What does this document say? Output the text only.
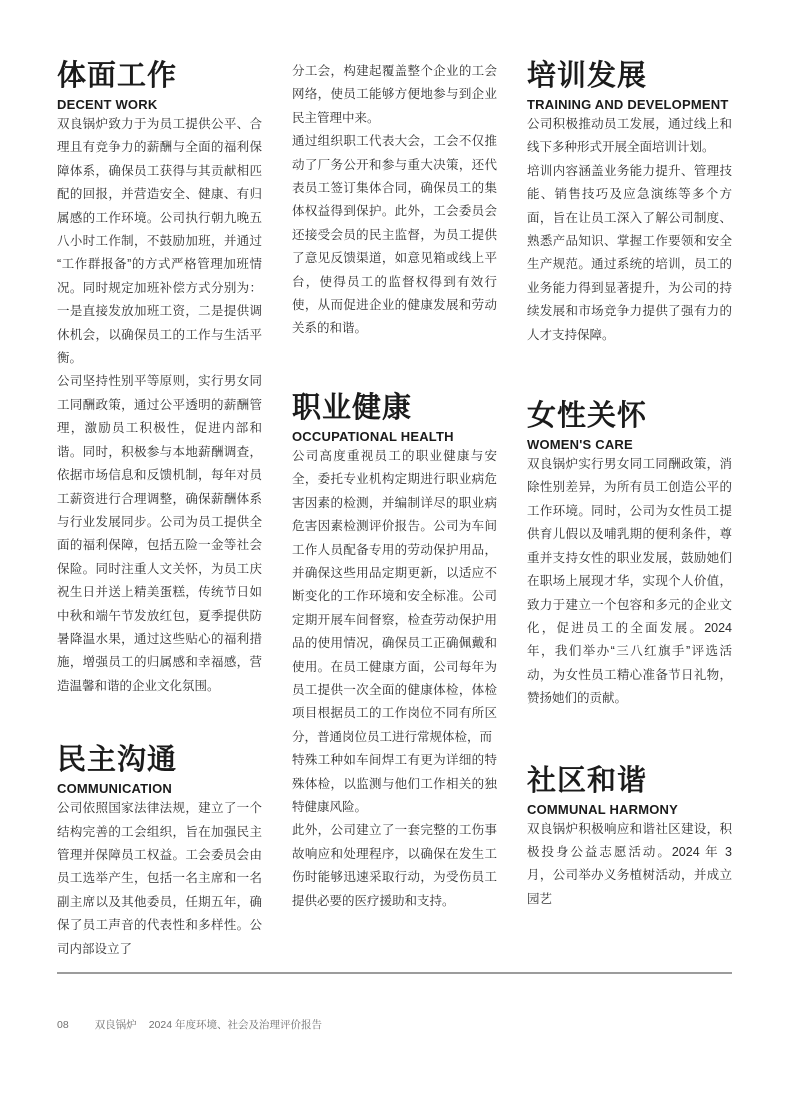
体面工作
DECENT WORK

双良锅炉致力于为员工提供公平、合理且有竞争力的薪酬与全面的福利保障体系，确保员工获得与其贡献相匹配的回报，并营造安全、健康、有归属感的工作环境。公司执行朝九晚五八小时工作制，不鼓励加班，并通过“工作群报备”的方式严格管理加班情况。同时规定加班补偿方式分别为：一是直接发放加班工资，二是提供调休机会，以确保员工的工作与生活平衡。

公司坚持性别平等原则，实行男女同工同酬政策，通过公平透明的薪酬管理，激励员工积极性，促进内部和谐。同时，积极参与本地薪酬调查，依据市场信息和反馈机制，每年对员工薪资进行合理调整，确保薪酬体系与行业发展同步。公司为员工提供全面的福利保障，包括五险一金等社会保险。同时注重人文关怀，为员工庆祝生日并送上精美蛋糕，传统节日如中秋和端午节发放红包，夏季提供防暑降温水果，通过这些贴心的福利措施，增强员工的归属感和幸福感，营造温馨和谐的企业文化氛围。

民主沟通
COMMUNICATION

公司依照国家法律法规，建立了一个结构完善的工会组织，旨在加强民主管理并保障员工权益。工会委员会由员工选举产生，包括一名主席和一名副主席以及其他委员，任期五年，确保了员工声音的代表性和多样性。公司内部设立了

分工会，构建起覆盖整个企业的工会网络，使员工能够方便地参与到企业民主管理中来。

通过组织职工代表大会，工会不仅推动了厂务公开和参与重大决策，还代表员工签订集体合同，确保员工的集体权益得到保护。此外，工会委员会还接受会员的民主监督，为员工提供了意见反馈渠道，如意见箱或线上平台，使得员工的监督权得到有效行使，从而促进企业的健康发展和劳动关系的和谐。

职业健康
OCCUPATIONAL HEALTH

公司高度重视员工的职业健康与安全，委托专业机构定期进行职业病危害因素的检测，并编制详尽的职业病危害因素检测评价报告。公司为车间工作人员配备专用的劳动保护用品，并确保这些用品定期更新，以适应不断变化的工作环境和安全标准。公司定期开展车间督察，检查劳动保护用品的使用情况，确保员工正确佩戴和使用。在员工健康方面，公司每年为员工提供一次全面的健康体检，体检项目根据员工的工作岗位不同有所区分，普通岗位员工进行常规体检，而

特殊工种如车间焊工有更为详细的特殊体检，以监测与他们工作相关的独特健康风险。

此外，公司建立了一套完整的工伤事故响应和处理程序，以确保在发生工伤时能够迅速采取行动，为受伤员工提供必要的医疗援助和支持。

培训发展
TRAINING AND DEVELOPMENT

公司积极推动员工发展，通过线上和线下多种形式开展全面培训计划。

培训内容涵盖业务能力提升、管理技能、销售技巧及应急演练等多个方面，旨在让员工深入了解公司制度、熟悉产品知识、掌握工作要领和安全生产规范。通过系统的培训，员工的业务能力得到显著提升，为公司的持续发展和市场竞争力提供了强有力的人才支持保障。

女性关怀
WOMEN'S CARE

双良锅炉实行男女同工同酬政策，消除性别差异，为所有员工创造公平的工作环境。同时，公司为女性员工提供育儿假以及哺乳期的便利条件，尊重并支持女性的职业发展，鼓励她们在职场上展现才华，实现个人价值，致力于建立一个包容和多元的企业文化，促进员工的全面发展。2024 年，我们举办“三八红旗手”评选活动，为女性员工精心准备节日礼物，赞扬她们的贡献。

社区和谐
COMMUNAL HARMONY

双良锅炉积极响应和谐社区建设，积极投身公益志愿活动。2024 年 3 月，公司举办义务植树活动，并成立园艺

08 双良锅炉 2024 年度环境、社会及治理评价报告
